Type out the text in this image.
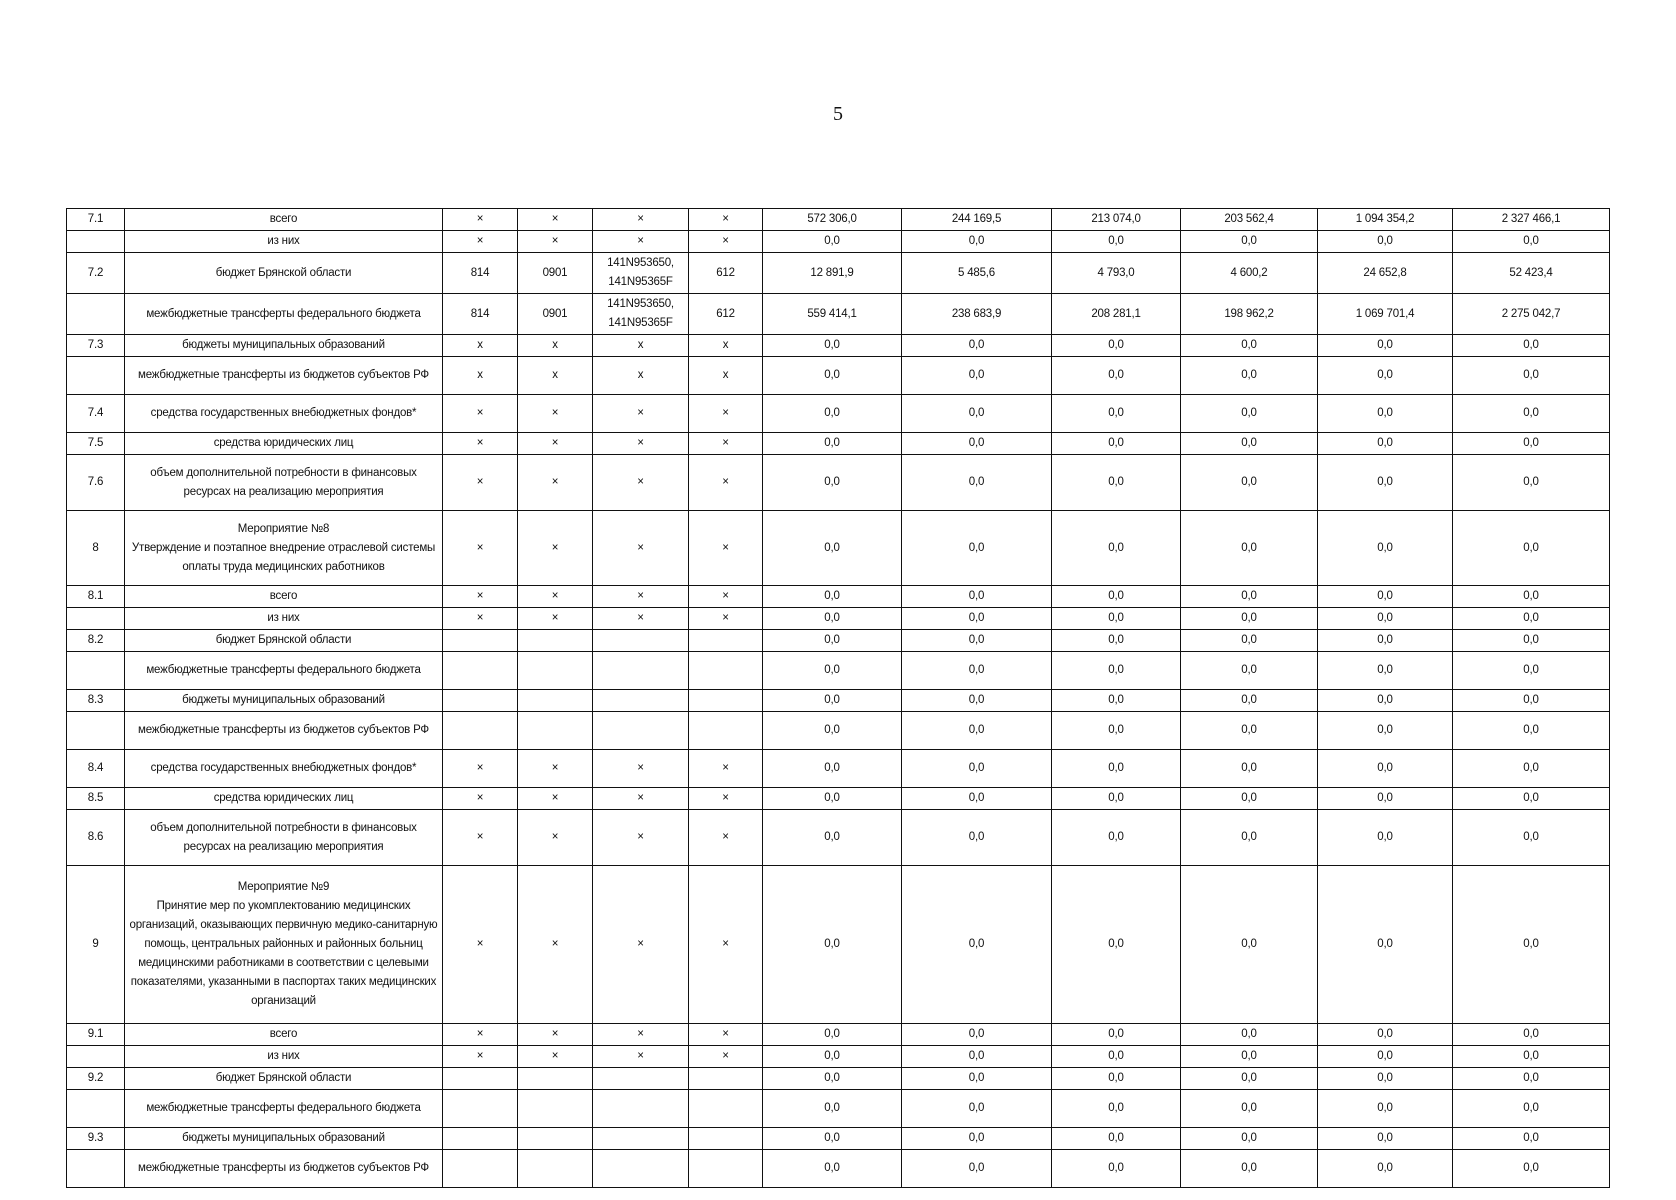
5
7.1	всего	×	×	×	×	572 306,0	244 169,5	213 074,0	203 562,4	1 094 354,2	2 327 466,1

	из них	×	×	×	×	0,0	0,0	0,0	0,0	0,0	0,0
7.2	бюджет Брянской области	814	0901	141N953650, 141N95365F	612	12 891,9	5 485,6	4 793,0	4 600,2	24 652,8	52 423,4

	межбюджетные трансферты федерального бюджета	814	0901	141N953650, 141N95365F	612	559 414,1	238 683,9	208 281,1	198 962,2	1 069 701,4	2 275 042,7
7.3	бюджеты муниципальных образований	x	x	x	x	0,0	0,0	0,0	0,0	0,0	0,0

	межбюджетные трансферты из бюджетов субъектов РФ	x	x	x	x	0,0	0,0	0,0	0,0	0,0	0,0
7.4	средства государственных внебюджетных фондов*	×	×	×	×	0,0	0,0	0,0	0,0	0,0	0,0
7.5	средства юридических лиц	×	×	×	×	0,0	0,0	0,0	0,0	0,0	0,0
7.6	объем дополнительной потребности в финансовых ресурсах на реализацию мероприятия	×	×	×	×	0,0	0,0	0,0	0,0	0,0	0,0
8	Мероприятие №8
Утверждение и поэтапное внедрение отраслевой системы оплаты труда медицинских работников	×	×	×	×	0,0	0,0	0,0	0,0	0,0	0,0
8.1	всего	×	×	×	×	0,0	0,0	0,0	0,0	0,0	0,0

	из них	×	×	×	×	0,0	0,0	0,0	0,0	0,0	0,0
8.2	бюджет Брянской области					0,0	0,0	0,0	0,0	0,0	0,0

	межбюджетные трансферты федерального бюджета					0,0	0,0	0,0	0,0	0,0	0,0
8.3	бюджеты муниципальных образований					0,0	0,0	0,0	0,0	0,0	0,0

	межбюджетные трансферты из бюджетов субъектов РФ					0,0	0,0	0,0	0,0	0,0	0,0
8.4	средства государственных внебюджетных фондов*	×	×	×	×	0,0	0,0	0,0	0,0	0,0	0,0
8.5	средства юридических лиц	×	×	×	×	0,0	0,0	0,0	0,0	0,0	0,0
8.6	объем дополнительной потребности в финансовых ресурсах на реализацию мероприятия	×	×	×	×	0,0	0,0	0,0	0,0	0,0	0,0
9	Мероприятие №9
Принятие мер по укомплектованию медицинских организаций, оказывающих первичную медико-санитарную помощь, центральных районных и районных больниц медицинскими работниками в соответствии с целевыми показателями, указанными в паспортах таких медицинских организаций	×	×	×	×	0,0	0,0	0,0	0,0	0,0	0,0
9.1	всего	×	×	×	×	0,0	0,0	0,0	0,0	0,0	0,0

	из них	×	×	×	×	0,0	0,0	0,0	0,0	0,0	0,0
9.2	бюджет Брянской области					0,0	0,0	0,0	0,0	0,0	0,0

	межбюджетные трансферты федерального бюджета					0,0	0,0	0,0	0,0	0,0	0,0
9.3	бюджеты муниципальных образований					0,0	0,0	0,0	0,0	0,0	0,0

	межбюджетные трансферты из бюджетов субъектов РФ					0,0	0,0	0,0	0,0	0,0	0,0
